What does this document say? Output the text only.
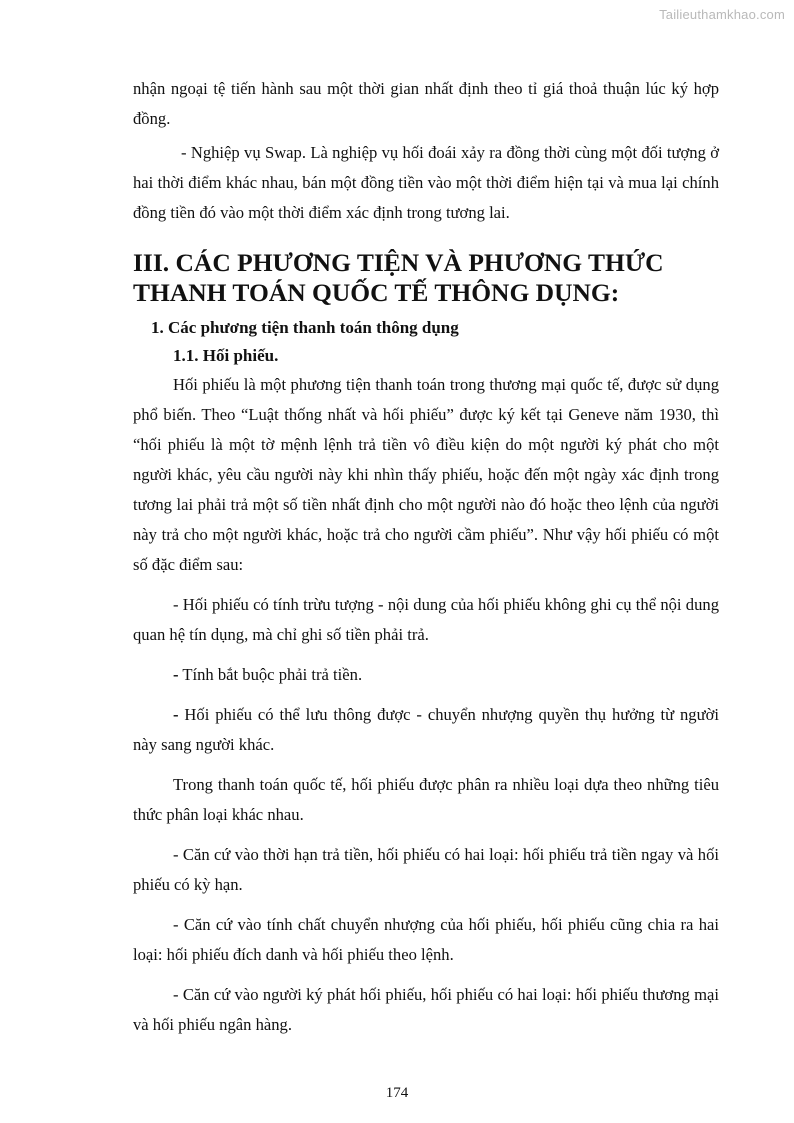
Tailieuthamkhao.com

nhận ngoại tệ tiến hành sau một thời gian nhất định theo tỉ giá thoả thuận lúc ký hợp đồng.

- Nghiệp vụ Swap. Là nghiệp vụ hối đoái xảy ra đồng thời cùng một đối tượng ở hai thời điểm khác nhau, bán một đồng tiền vào một thời điểm hiện tại và mua lại chính đồng tiền đó vào một thời điểm xác định trong tương lai.

III. CÁC PHƯƠNG TIỆN VÀ PHƯƠNG THỨC
THANH TOÁN QUỐC TẾ THÔNG DỤNG:
1. Các phương tiện thanh toán thông dụng
1.1. Hối phiếu.

Hối phiếu là một phương tiện thanh toán trong thương mại quốc tế, được sử dụng phổ biến. Theo “Luật thống nhất và hối phiếu” được ký kết tại Geneve năm 1930, thì “hối phiếu là một tờ mệnh lệnh trả tiền vô điều kiện do một người ký phát cho một người khác, yêu cầu người này khi nhìn thấy phiếu, hoặc đến một ngày xác định trong tương lai phải trả một số tiền nhất định cho một người nào đó hoặc theo lệnh của người này trả cho một người khác, hoặc trả cho người cầm phiếu”. Như vậy hối phiếu có một số đặc điểm sau:

- Hối phiếu có tính trừu tượng - nội dung của hối phiếu không ghi cụ thể nội dung quan hệ tín dụng, mà chỉ ghi số tiền phải trả.

- Tính bắt buộc phải trả tiền.

- Hối phiếu có thể lưu thông được - chuyển nhượng quyền thụ hưởng từ người này sang người khác.

Trong thanh toán quốc tế, hối phiếu được phân ra nhiều loại dựa theo những tiêu thức phân loại khác nhau.

- Căn cứ vào thời hạn trả tiền, hối phiếu có hai loại: hối phiếu trả tiền ngay và hối phiếu có kỳ hạn.

- Căn cứ vào tính chất chuyển nhượng của hối phiếu, hối phiếu cũng chia ra hai loại: hối phiếu đích danh và hối phiếu theo lệnh.

- Căn cứ vào người ký phát hối phiếu, hối phiếu có hai loại: hối phiếu thương mại và hối phiếu ngân hàng.

174
